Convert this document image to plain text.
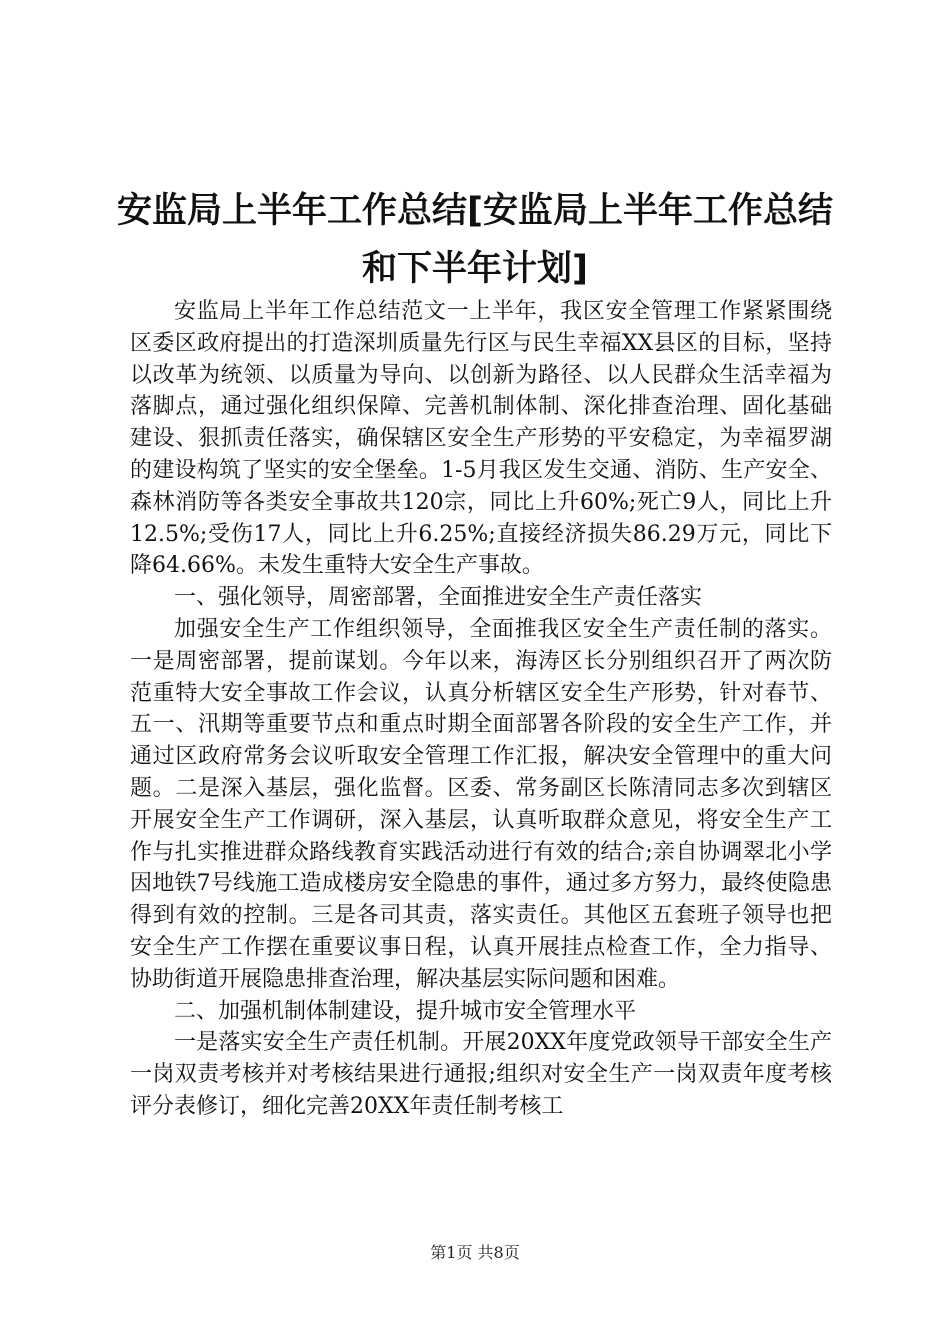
安监局上半年工作总结[安监局上半年工作总结和下半年计划]

安监局上半年工作总结范文一上半年，我区安全管理工作紧紧围绕区委区政府提出的打造深圳质量先行区与民生幸福XX县区的目标，坚持以改革为统领、以质量为导向、以创新为路径、以人民群众生活幸福为落脚点，通过强化组织保障、完善机制体制、深化排查治理、固化基础建设、狠抓责任落实，确保辖区安全生产形势的平安稳定，为幸福罗湖的建设构筑了坚实的安全堡垒。1-5月我区发生交通、消防、生产安全、森林消防等各类安全事故共120宗，同比上升60%;死亡9人，同比上升12.5%;受伤17人，同比上升6.25%;直接经济损失86.29万元，同比下降64.66%。未发生重特大安全生产事故。

一、强化领导，周密部署，全面推进安全生产责任落实

加强安全生产工作组织领导，全面推我区安全生产责任制的落实。一是周密部署，提前谋划。今年以来，海涛区长分别组织召开了两次防范重特大安全事故工作会议，认真分析辖区安全生产形势，针对春节、五一、汛期等重要节点和重点时期全面部署各阶段的安全生产工作，并通过区政府常务会议听取安全管理工作汇报，解决安全管理中的重大问题。二是深入基层，强化监督。区委、常务副区长陈清同志多次到辖区开展安全生产工作调研，深入基层，认真听取群众意见，将安全生产工作与扎实推进群众路线教育实践活动进行有效的结合;亲自协调翠北小学因地铁7号线施工造成楼房安全隐患的事件，通过多方努力，最终使隐患得到有效的控制。三是各司其责，落实责任。其他区五套班子领导也把安全生产工作摆在重要议事日程，认真开展挂点检查工作，全力指导、协助街道开展隐患排查治理，解决基层实际问题和困难。

二、加强机制体制建设，提升城市安全管理水平

一是落实安全生产责任机制。开展20XX年度党政领导干部安全生产一岗双责考核并对考核结果进行通报;组织对安全生产一岗双责年度考核评分表修订，细化完善20XX年责任制考核工

第1页 共8页
